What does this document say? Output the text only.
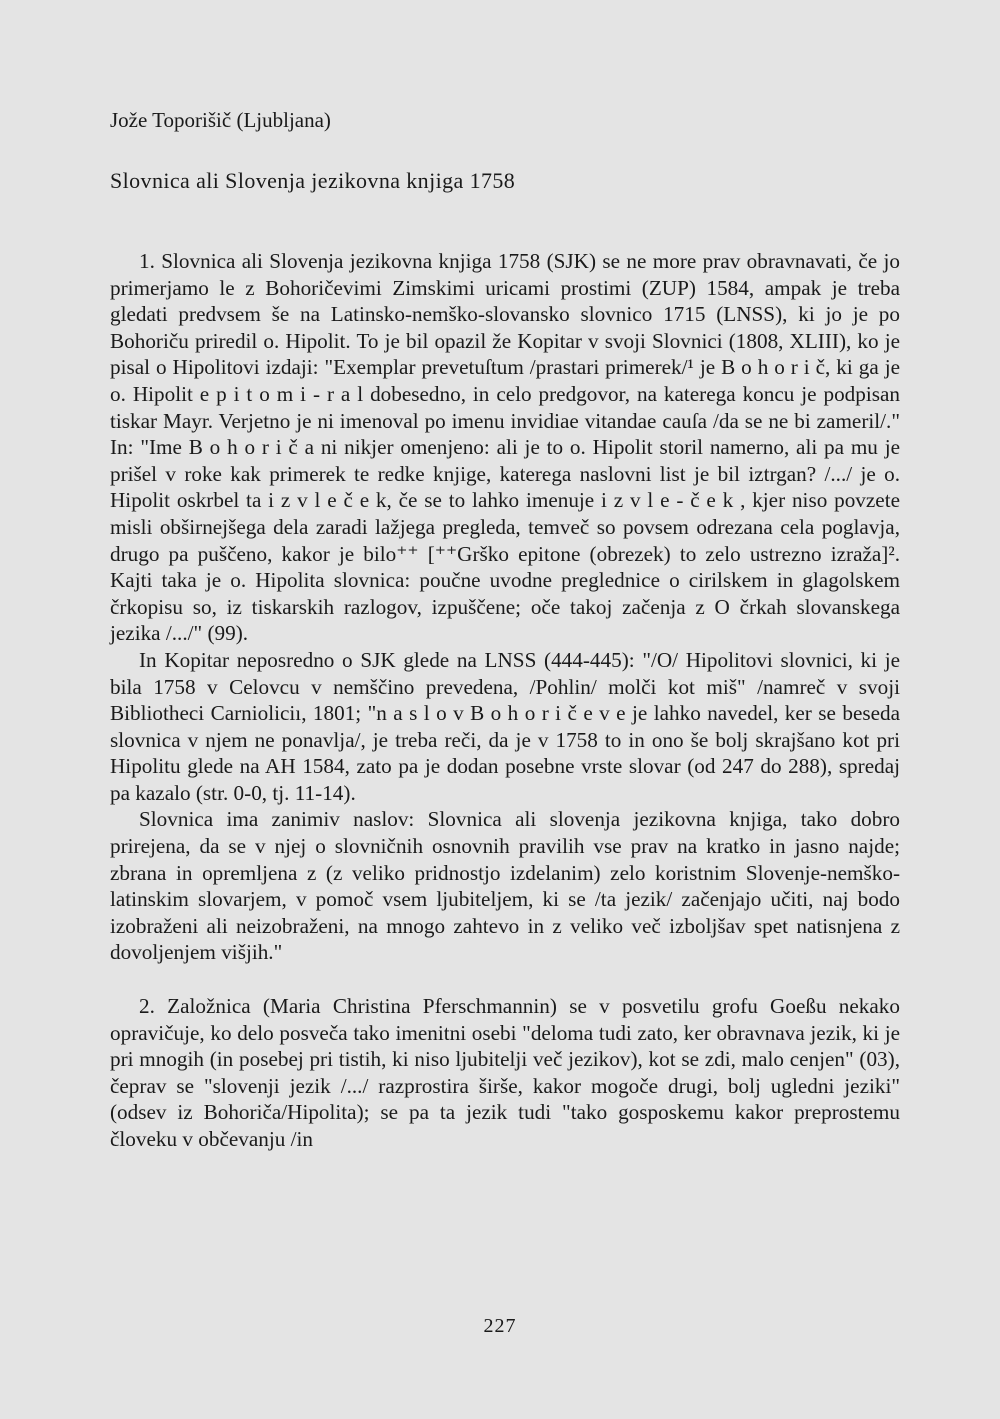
Jože Toporišič (Ljubljana)
Slovnica ali Slovenja jezikovna knjiga 1758

1. Slovnica ali Slovenja jezikovna knjiga 1758 (SJK) se ne more prav obravnavati, če jo primerjamo le z Bohoričevimi Zimskimi uricami prostimi (ZUP) 1584, ampak je treba gledati predvsem še na Latinsko-nemško-slovansko slovnico 1715 (LNSS), ki jo je po Bohoriču priredil o. Hipolit. To je bil opazil že Kopitar v svoji Slovnici (1808, XLIII), ko je pisal o Hipolitovi izdaji: "Exemplar prevetuſtum /prastari primerek/¹ je B o h o r i č, ki ga je o. Hipolit e p i t o m i - r a l dobesedno, in celo predgovor, na katerega koncu je podpisan tiskar Mayr. Verjetno je ni imenoval po imenu invidiae vitandae cauſa /da se ne bi zameril/." In: "Ime B o h o r i č a ni nikjer omenjeno: ali je to o. Hipolit storil namerno, ali pa mu je prišel v roke kak primerek te redke knjige, katerega naslovni list je bil iztrgan? /.../ je o. Hipolit oskrbel ta i z v l e č e k, če se to lahko imenuje i z v l e - č e k , kjer niso povzete misli obširnejšega dela zaradi lažjega pregleda, temveč so povsem odrezana cela poglavja, drugo pa puščeno, kakor je bilo⁺⁺ [⁺⁺Grško epitone (obrezek) to zelo ustrezno izraža]². Kajti taka je o. Hipolita slovnica: poučne uvodne preglednice o cirilskem in glagolskem črkopisu so, iz tiskarskih razlogov, izpuščene; oče takoj začenja z O črkah slovanskega jezika /.../" (99).

In Kopitar neposredno o SJK glede na LNSS (444-445): "/O/ Hipolitovi slovnici, ki je bila 1758 v Celovcu v nemščino prevedena, /Pohlin/ molči kot miš" /namreč v svoji Bibliotheci Carnioliciı, 1801; "n a s l o v B o h o r i č e v e je lahko navedel, ker se beseda slovnica v njem ne ponavlja/, je treba reči, da je v 1758 to in ono še bolj skrajšano kot pri Hipolitu glede na AH 1584, zato pa je dodan posebne vrste slovar (od 247 do 288), spredaj pa kazalo (str. 0-0, tj. 11-14).

Slovnica ima zanimiv naslov: Slovnica ali slovenja jezikovna knjiga, tako dobro prirejena, da se v njej o slovničnih osnovnih pravilih vse prav na kratko in jasno najde; zbrana in opremljena z (z veliko pridnostjo izdelanim) zelo koristnim Slovenje-nemško-latinskim slovarjem, v pomoč vsem ljubiteljem, ki se /ta jezik/ začenjajo učiti, naj bodo izobraženi ali neizobraženi, na mnogo zahtevo in z veliko več izboljšav spet natisnjena z dovoljenjem višjih."

2. Založnica (Maria Christina Pferschmannin) se v posvetilu grofu Goeßu nekako opravičuje, ko delo posveča tako imenitni osebi "deloma tudi zato, ker obravnava jezik, ki je pri mnogih (in posebej pri tistih, ki niso ljubitelji več jezikov), kot se zdi, malo cenjen" (03), čeprav se "slovenji jezik /.../ razprostira širše, kakor mogoče drugi, bolj ugledni jeziki" (odsev iz Bohoriča/Hipolita); se pa ta jezik tudi "tako gosposkemu kakor preprostemu človeku v občevanju /in

227
